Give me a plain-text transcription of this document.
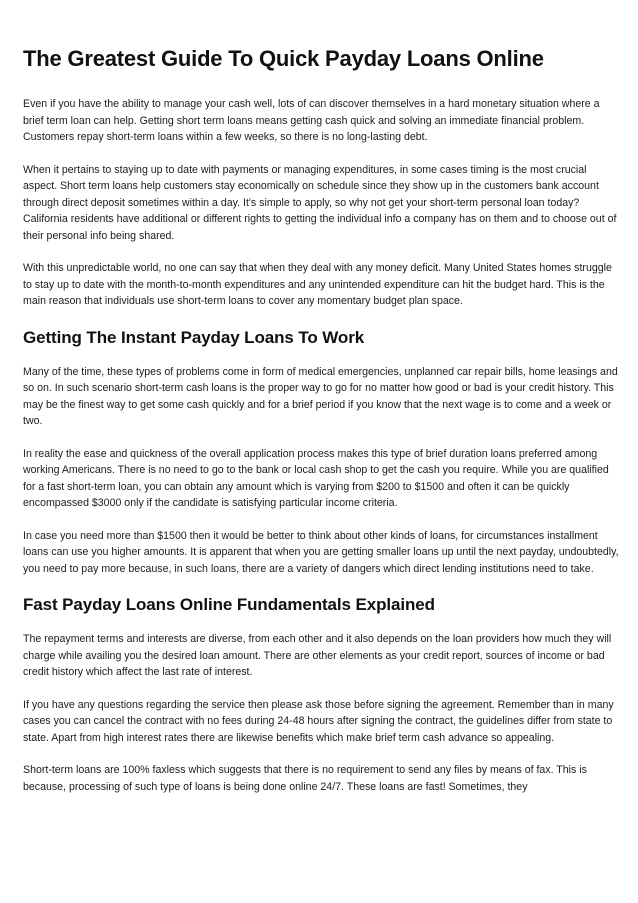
The Greatest Guide To Quick Payday Loans Online

Even if you have the ability to manage your cash well, lots of can discover themselves in a hard monetary situation where a brief term loan can help. Getting short term loans means getting cash quick and solving an immediate financial problem. Customers repay short-term loans within a few weeks, so there is no long-lasting debt.

When it pertains to staying up to date with payments or managing expenditures, in some cases timing is the most crucial aspect. Short term loans help customers stay economically on schedule since they show up in the customers bank account through direct deposit sometimes within a day. It's simple to apply, so why not get your short-term personal loan today?California residents have additional or different rights to getting the individual info a company has on them and to choose out of their personal info being shared.

With this unpredictable world, no one can say that when they deal with any money deficit. Many United States homes struggle to stay up to date with the month-to-month expenditures and any unintended expenditure can hit the budget hard. This is the main reason that individuals use short-term loans to cover any momentary budget plan space.

Getting The Instant Payday Loans To Work

Many of the time, these types of problems come in form of medical emergencies, unplanned car repair bills, home leasings and so on. In such scenario short-term cash loans is the proper way to go for no matter how good or bad is your credit history. This may be the finest way to get some cash quickly and for a brief period if you know that the next wage is to come and a week or two.

In reality the ease and quickness of the overall application process makes this type of brief duration loans preferred among working Americans. There is no need to go to the bank or local cash shop to get the cash you require. While you are qualified for a fast short-term loan, you can obtain any amount which is varying from $200 to $1500 and often it can be quickly encompassed $3000 only if the candidate is satisfying particular income criteria.

In case you need more than $1500 then it would be better to think about other kinds of loans, for circumstances installment loans can use you higher amounts. It is apparent that when you are getting smaller loans up until the next payday, undoubtedly, you need to pay more because, in such loans, there are a variety of dangers which direct lending institutions need to take.

Fast Payday Loans Online Fundamentals Explained

The repayment terms and interests are diverse, from each other and it also depends on the loan providers how much they will charge while availing you the desired loan amount. There are other elements as your credit report, sources of income or bad credit history which affect the last rate of interest.

If you have any questions regarding the service then please ask those before signing the agreement. Remember than in many cases you can cancel the contract with no fees during 24-48 hours after signing the contract, the guidelines differ from state to state. Apart from high interest rates there are likewise benefits which make brief term cash advance so appealing.

Short-term loans are 100% faxless which suggests that there is no requirement to send any files by means of fax. This is because, processing of such type of loans is being done online 24/7. These loans are fast! Sometimes, they
